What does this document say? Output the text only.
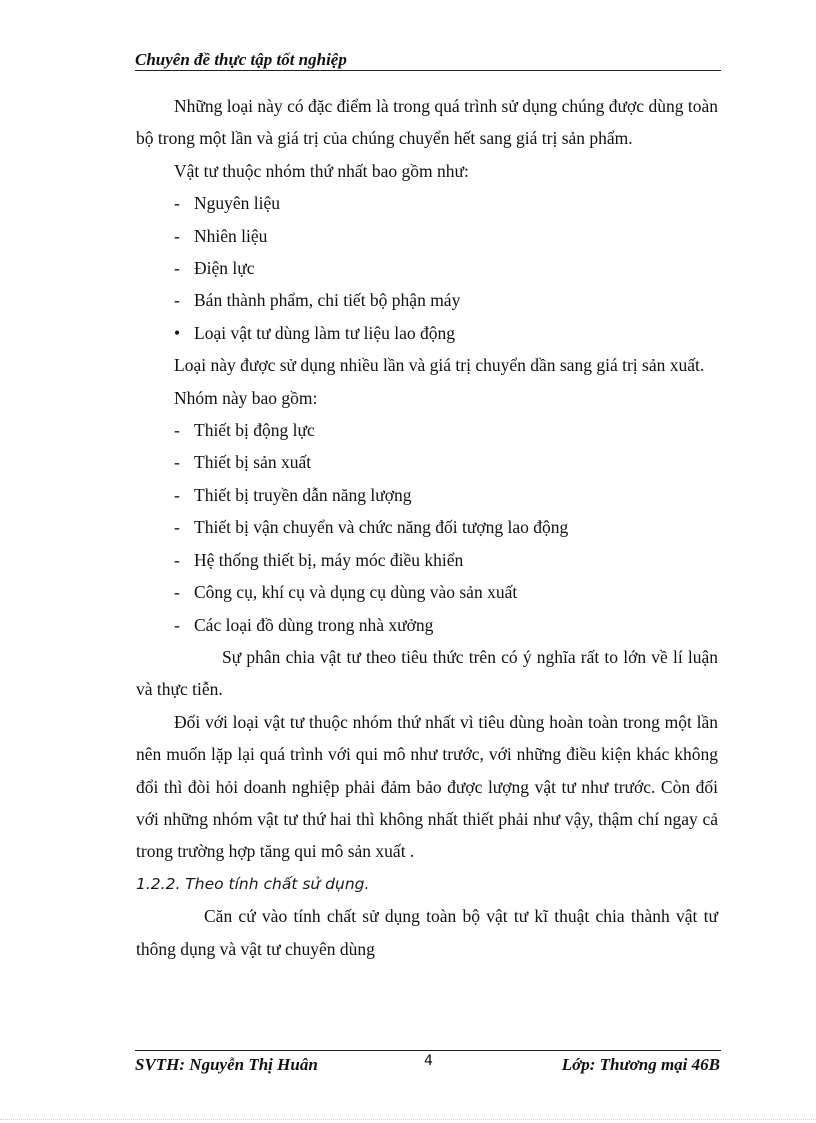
Chuyên đề thực tập tốt nghiệp

Những loại này có đặc điểm là trong quá trình sử dụng chúng được dùng toàn bộ trong một lần và giá trị của chúng chuyển hết sang giá trị sản phẩm.

Vật tư thuộc nhóm thứ nhất bao gồm như:

- Nguyên liệu

- Nhiên liệu

- Điện lực

- Bán thành phẩm, chi tiết bộ phận máy

• Loại vật tư dùng làm tư liệu lao động

Loại này được sử dụng nhiều lần và giá trị chuyển dần sang giá trị sản xuất.

Nhóm này bao gồm:

- Thiết bị động lực

- Thiết bị sản xuất

- Thiết bị truyền dẫn năng lượng

- Thiết bị vận chuyển và chức năng đối tượng lao động

- Hệ thống thiết bị, máy móc điều khiển

- Công cụ, khí cụ và dụng cụ dùng vào sản xuất

- Các loại đồ dùng trong nhà xưởng

Sự phân chia vật tư theo tiêu thức trên có ý nghĩa rất to lớn về lí luận và thực tiễn.

Đối với loại vật tư thuộc nhóm thứ nhất vì tiêu dùng hoàn toàn trong một lần nên muốn lặp lại quá trình với qui mô như trước, với những điều kiện khác không đổi thì đòi hỏi doanh nghiệp phải đảm bảo được lượng vật tư như trước. Còn đối với những nhóm vật tư thứ hai thì không nhất thiết phải như vậy, thậm chí ngay cả trong trường hợp tăng qui mô sản xuất .

1.2.2. Theo tính chất sử dụng.

Căn cứ vào tính chất sử dụng toàn bộ vật tư kĩ thuật chia thành vật tư thông dụng và vật tư chuyên dùng

SVTH: Nguyễn Thị Huân	4	Lớp: Thương mại 46B
